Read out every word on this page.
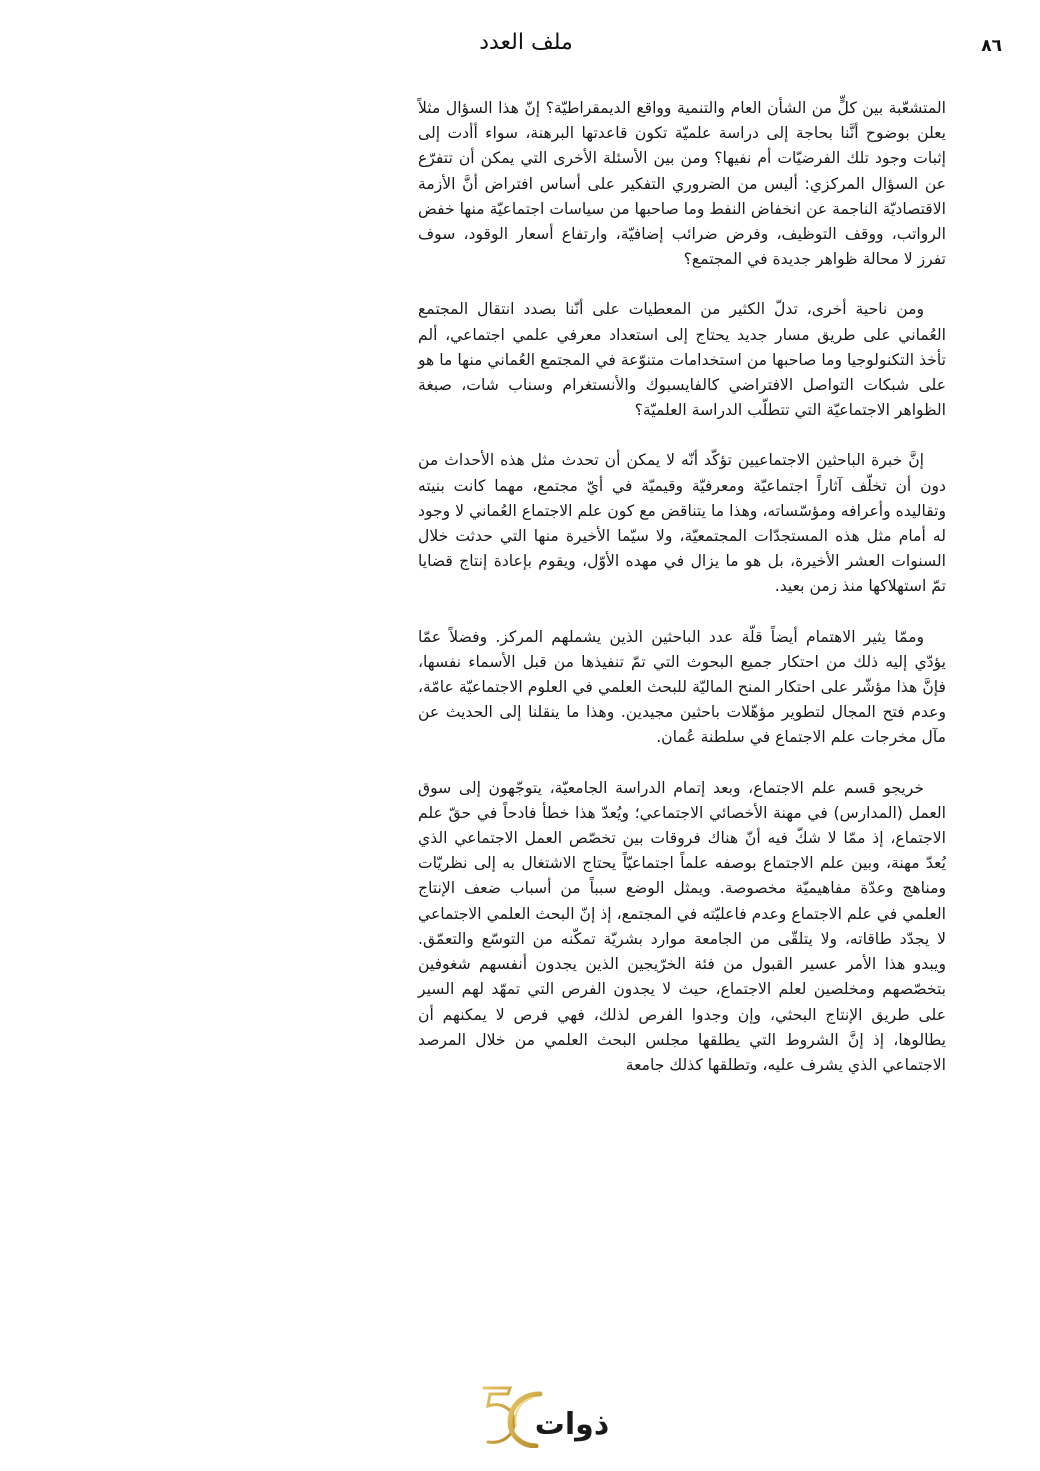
٨٦
ملف العدد

المتشعّبة بين كلٍّ من الشأن العام والتنمية وواقع الديمقراطيّة؟ إنّ هذا السؤال مثلاً يعلن بوضوح أنَّنا بحاجة إلى دراسة علميّة تكون قاعدتها البرهنة، سواء أأدت إلى إثبات وجود تلك الفرضيّات أم نفيها؟ ومن بين الأسئلة الأخرى التي يمكن أن تتفرّع عن السؤال المركزي: أليس من الضروري التفكير على أساس افتراض أنَّ الأزمة الاقتصاديّة الناجمة عن انخفاض النفط وما صاحبها من سياسات اجتماعيّة منها خفض الرواتب، ووقف التوظيف، وفرض ضرائب إضافيّة، وارتفاع أسعار الوقود، سوف تفرز لا محالة ظواهر جديدة في المجتمع؟

ومن ناحية أخرى، تدلّ الكثير من المعطيات على أنّنا بصدد انتقال المجتمع العُماني على طريق مسار جديد يحتاج إلى استعداد معرفي علمي اجتماعي، ألم تأخذ التكنولوجيا وما صاحبها من استخدامات متنوّعة في المجتمع العُماني منها ما هو على شبكات التواصل الافتراضي كالفايسبوك والأنستغرام وسناب شات، صبغة الظواهر الاجتماعيّة التي تتطلّب الدراسة العلميّة؟

إنَّ خبرة الباحثين الاجتماعيين تؤكّد أنّه لا يمكن أن تحدث مثل هذه الأحداث من دون أن تخلّف آثاراً اجتماعيّة ومعرفيّة وقيميّة في أيّ مجتمع، مهما كانت بنيته وتقاليده وأعرافه ومؤسّساته، وهذا ما يتناقض مع كون علم الاجتماع العُماني لا وجود له أمام مثل هذه المستجدّات المجتمعيّة، ولا سيّما الأخيرة منها التي حدثت خلال السنوات العشر الأخيرة، بل هو ما يزال في مهده الأوّل، ويقوم بإعادة إنتاج قضايا تمّ استهلاكها منذ زمن بعيد.

وممّا يثير الاهتمام أيضاً قلّة عدد الباحثين الذين يشملهم المركز. وفضلاً عمّا يؤدّي إليه ذلك من احتكار جميع البحوث التي تمّ تنفيذها من قبل الأسماء نفسها، فإنَّ هذا مؤشّر على احتكار المنح الماليّة للبحث العلمي في العلوم الاجتماعيّة عامّة، وعدم فتح المجال لتطوير مؤهّلات باحثين مجيدين. وهذا ما ينقلنا إلى الحديث عن مآل مخرجات علم الاجتماع في سلطنة عُمان.

خريجو قسم علم الاجتماع، وبعد إتمام الدراسة الجامعيّة، يتوجّهون إلى سوق العمل (المدارس) في مهنة الأخصائي الاجتماعي؛ ويُعدّ هذا خطأ فادحاً في حقّ علم الاجتماع، إذ ممّا لا شكّ فيه أنّ هناك فروقات بين تخصّص العمل الاجتماعي الذي يُعدّ مهنة، وبين علم الاجتماع بوصفه علماً اجتماعيّاً يحتاج الاشتغال به إلى نظريّات ومناهج وعدّة مفاهيميّة مخصوصة. ويمثل الوضع سبباً من أسباب ضعف الإنتاج العلمي في علم الاجتماع وعدم فاعليّته في المجتمع، إذ إنّ البحث العلمي الاجتماعي لا يجدّد طاقاته، ولا يتلقّى من الجامعة موارد بشريّة تمكّنه من التوسّع والتعمّق. ويبدو هذا الأمر عسير القبول من فئة الخرّيجين الذين يجدون أنفسهم شغوفين بتخصّصهم ومخلصين لعلم الاجتماع، حيث لا يجدون الفرص التي تمهّد لهم السير على طريق الإنتاج البحثي، وإن وجدوا الفرص لذلك، فهي فرص لا يمكنهم أن يطالوها، إذ إنَّ الشروط التي يطلقها مجلس البحث العلمي من خلال المرصد الاجتماعي الذي يشرف عليه، وتطلقها كذلك جامعة

ذوات
